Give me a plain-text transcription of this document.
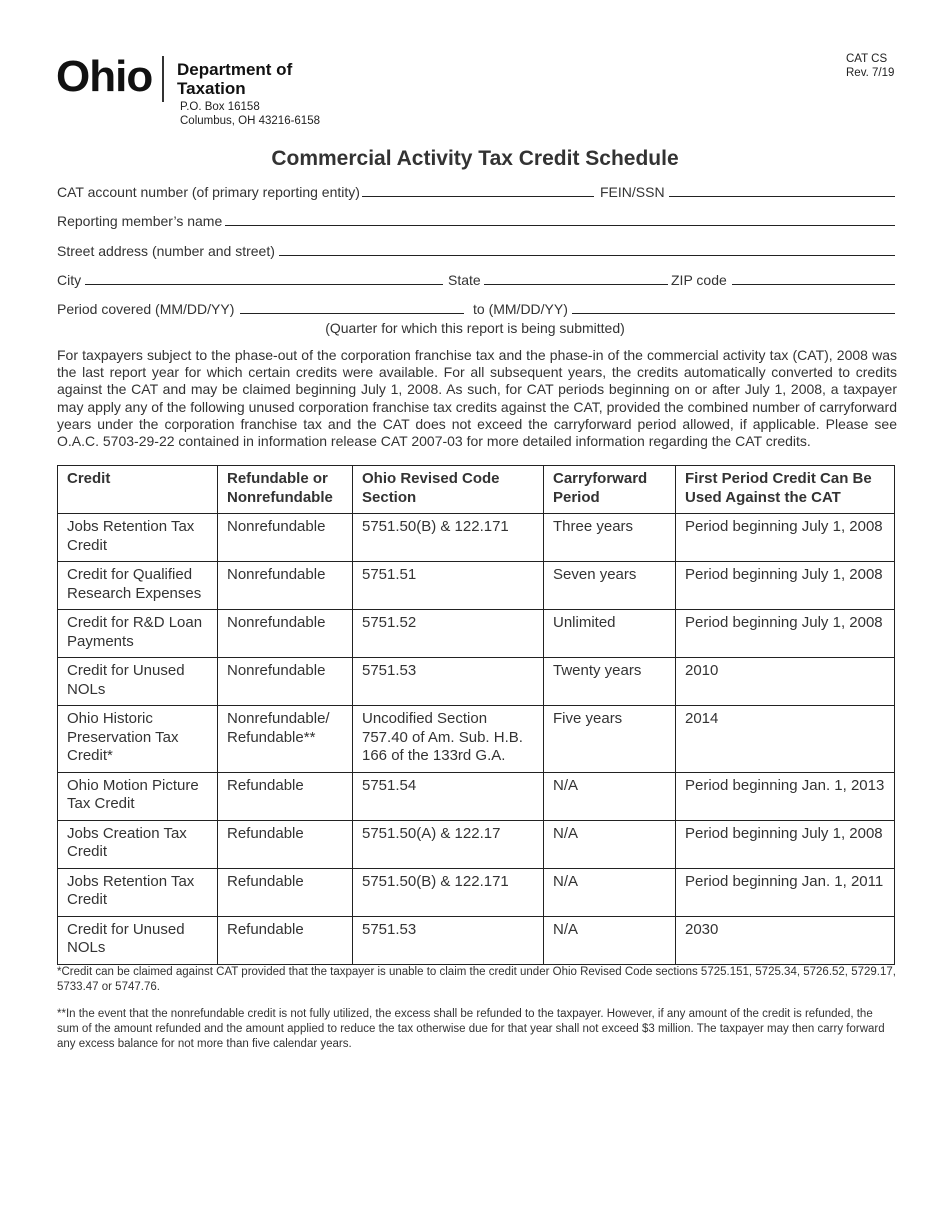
Ohio Department of
Taxation
P.O. Box 16158
Columbus, OH 43216-6158
CAT CS
Rev. 7/19
Commercial Activity Tax Credit Schedule
CAT account number (of primary reporting entity)	FEIN/SSN
Reporting member’s name
Street address (number and street)
City	State	ZIP code
Period covered (MM/DD/YY)	to (MM/DD/YY)
(Quarter for which this report is being submitted)
For taxpayers subject to the phase-out of the corporation franchise tax and the phase-in of the commercial activity tax (CAT), 2008 was the last report year for which certain credits were available. For all subsequent years, the credits automatically converted to credits against the CAT and may be claimed beginning July 1, 2008. As such, for CAT periods beginning on or after July 1, 2008, a taxpayer may apply any of the following unused corporation franchise tax credits against the CAT, provided the combined number of carryforward years under the corporation franchise tax and the CAT does not exceed the carryforward period allowed, if applicable. Please see O.A.C. 5703-29-22 contained in information release CAT 2007-03 for more detailed information regarding the CAT credits.
Credit	Refundable or Nonrefundable	Ohio Revised Code Section	Carryforward Period	First Period Credit Can Be Used Against the CAT
Jobs Retention Tax Credit	Nonrefundable	5751.50(B) & 122.171	Three years	Period beginning July 1, 2008
Credit for Qualified Research Expenses	Nonrefundable	5751.51	Seven years	Period beginning July 1, 2008
Credit for R&D Loan Payments	Nonrefundable	5751.52	Unlimited	Period beginning July 1, 2008
Credit for Unused NOLs	Nonrefundable	5751.53	Twenty years	2010
Ohio Historic Preservation Tax Credit*	Nonrefundable/ Refundable**	Uncodified Section 757.40 of Am. Sub. H.B. 166 of the 133rd G.A.	Five years	2014
Ohio Motion Picture Tax Credit	Refundable	5751.54	N/A	Period beginning Jan. 1, 2013
Jobs Creation Tax Credit	Refundable	5751.50(A) & 122.17	N/A	Period beginning July 1, 2008
Jobs Retention Tax Credit	Refundable	5751.50(B) & 122.171	N/A	Period beginning Jan. 1, 2011
Credit for Unused NOLs	Refundable	5751.53	N/A	2030
*Credit can be claimed against CAT provided that the taxpayer is unable to claim the credit under Ohio Revised Code sections 5725.151, 5725.34, 5726.52, 5729.17, 5733.47 or 5747.76.
**In the event that the nonrefundable credit is not fully utilized, the excess shall be refunded to the taxpayer. However, if any amount of the credit is refunded, the sum of the amount refunded and the amount applied to reduce the tax otherwise due for that year shall not exceed $3 million. The taxpayer may then carry forward any excess balance for not more than five calendar years.
